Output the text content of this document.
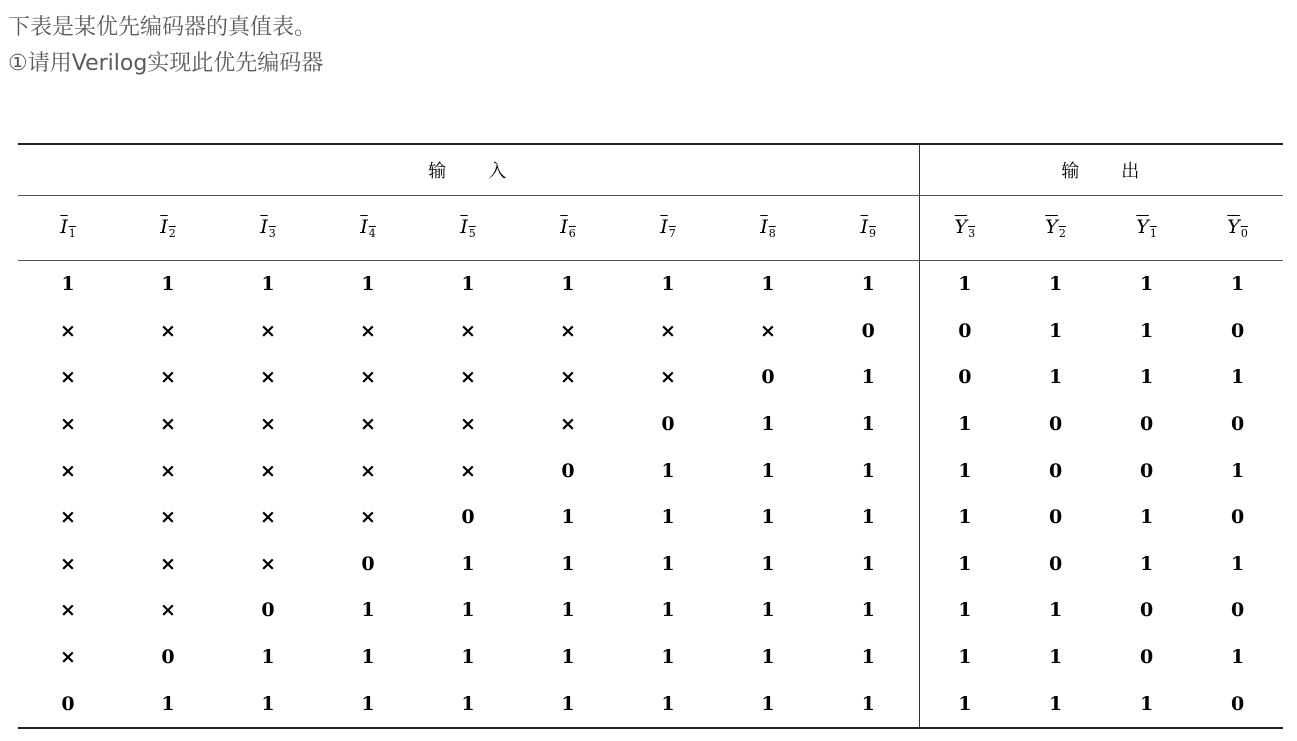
下表是某优先编码器的真值表。
①请用Verilog实现此优先编码器
输　　入									输　　出			
$I_1$	$I_2$	$I_3$	$I_4$	$I_5$	$I_6$	$I_7$	$I_8$	$I_9$	$Y_3$	$Y_2$	$Y_1$	$Y_0$
1	1	1	1	1	1	1	1	1	1	1	1	1
×	×	×	×	×	×	×	×	0	0	1	1	0
×	×	×	×	×	×	×	0	1	0	1	1	1
×	×	×	×	×	×	0	1	1	1	0	0	0
×	×	×	×	×	0	1	1	1	1	0	0	1
×	×	×	×	0	1	1	1	1	1	0	1	0
×	×	×	0	1	1	1	1	1	1	0	1	1
×	×	0	1	1	1	1	1	1	1	1	0	0
×	0	1	1	1	1	1	1	1	1	1	0	1
0	1	1	1	1	1	1	1	1	1	1	1	0
